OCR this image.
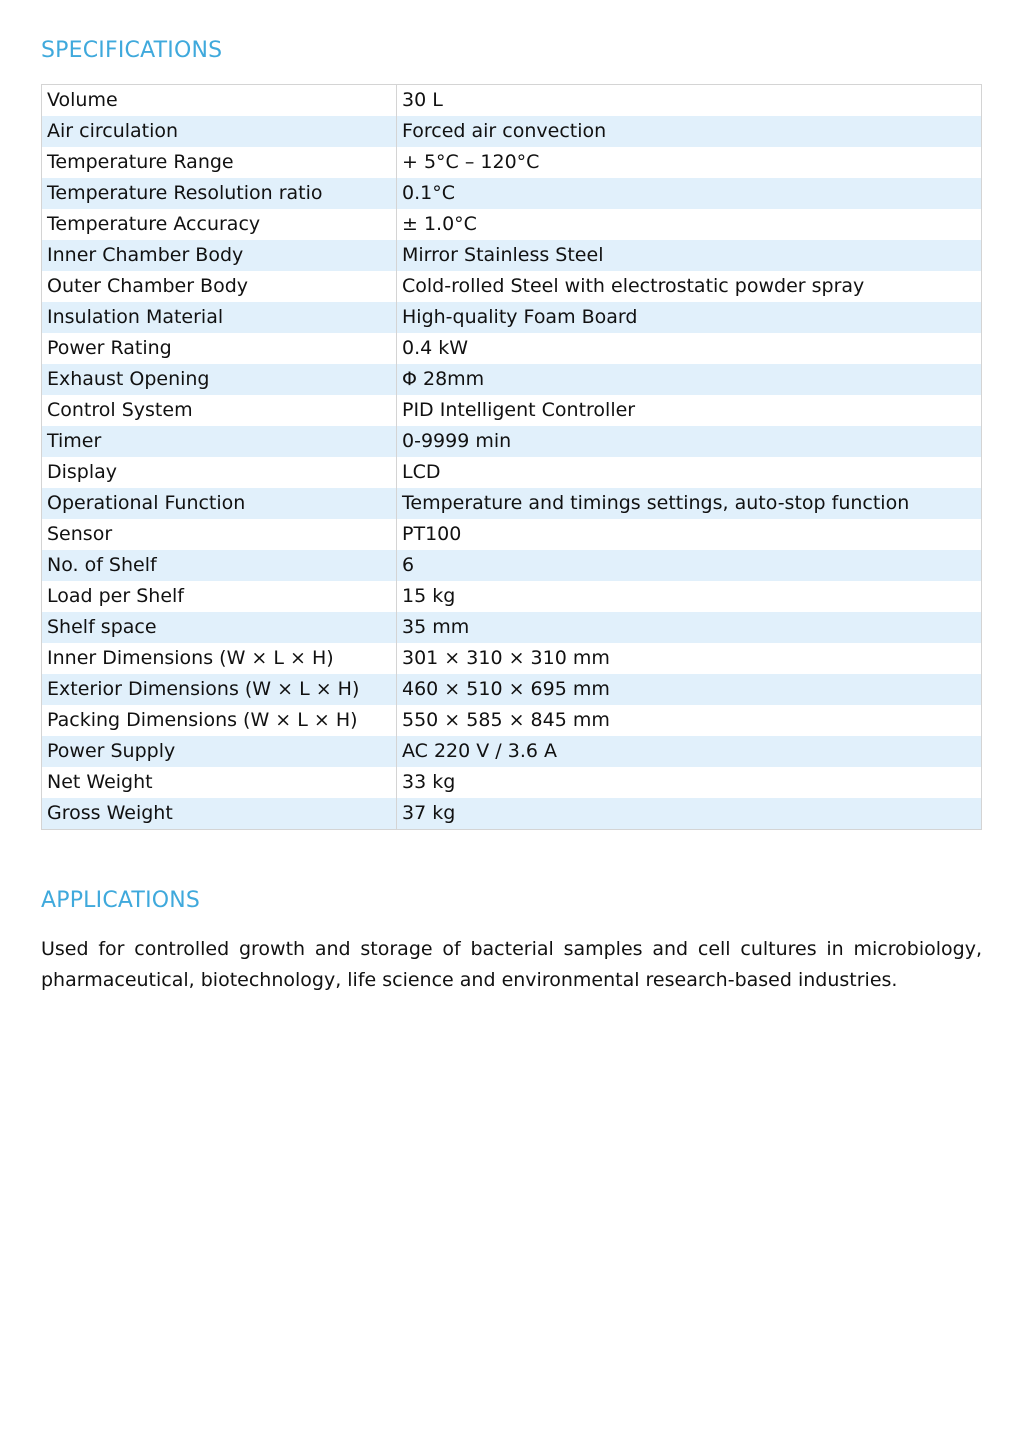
SPECIFICATIONS
Volume	30 L
Air circulation	Forced air convection
Temperature Range	+ 5°C – 120°C
Temperature Resolution ratio	0.1°C
Temperature Accuracy	± 1.0°C
Inner Chamber Body	Mirror Stainless Steel
Outer Chamber Body	Cold-rolled Steel with electrostatic powder spray
Insulation Material	High-quality Foam Board
Power Rating	0.4 kW
Exhaust Opening	Φ 28mm
Control System	PID Intelligent Controller
Timer	0-9999 min
Display	LCD
Operational Function	Temperature and timings settings, auto-stop function
Sensor	PT100
No. of Shelf	6
Load per Shelf	15 kg
Shelf space	35 mm
Inner Dimensions (W × L × H)	301 × 310 × 310 mm
Exterior Dimensions (W × L × H)	460 × 510 × 695 mm
Packing Dimensions (W × L × H)	550 × 585 × 845 mm
Power Supply	AC 220 V / 3.6 A
Net Weight	33 kg
Gross Weight	37 kg
APPLICATIONS

Used for controlled growth and storage of bacterial samples and cell cultures in microbiology, pharmaceutical, biotechnology, life science and environmental research-based industries.
